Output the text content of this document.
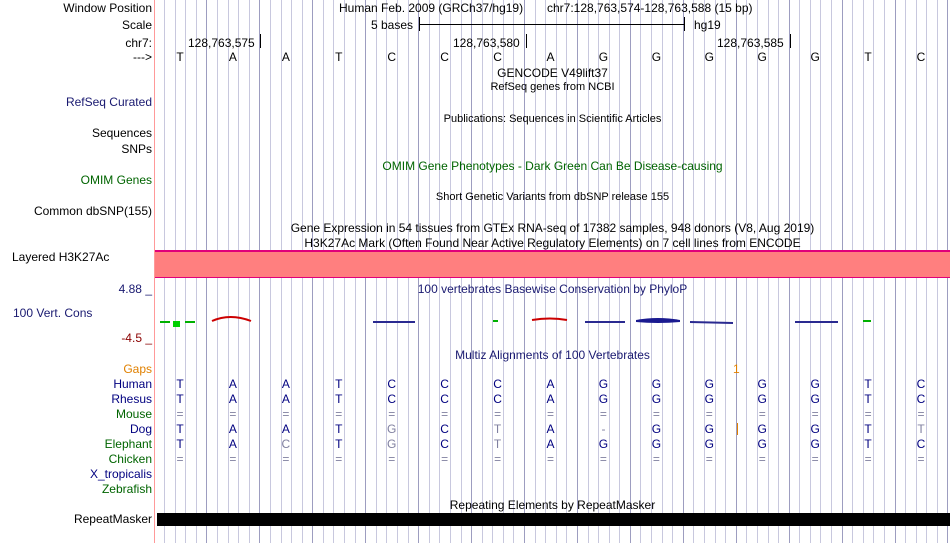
Window Position	Human Feb. 2009 (GRCh37/hg19) chr7:128,763,574-128,763,588 (15 bp)
Scale	5 bases	hg19
chr7:	128,763,575	128,763,580	128,763,585
--->	T	A	A	T	C	C	C	A	G	G	G	G	G	T	C
GENCODE V49lift37
RefSeq genes from NCBI
RefSeq Curated
Publications: Sequences in Scientific Articles
Sequences
SNPs
OMIM Gene Phenotypes - Dark Green Can Be Disease-causing
OMIM Genes
Short Genetic Variants from dbSNP release 155
Common dbSNP(155)
Gene Expression in 54 tissues from GTEx RNA-seq of 17382 samples, 948 donors (V8, Aug 2019)
H3K27Ac Mark (Often Found Near Active Regulatory Elements) on 7 cell lines from ENCODE
Layered H3K27Ac
100 vertebrates Basewise Conservation by PhyloP
4.88 _
100 Vert. Cons
-4.5 _
Multiz Alignments of 100 Vertebrates
Gaps	1
Human	T	A	A	T	C	C	C	A	G	G	G	G	G	T	C
Rhesus	T	A	A	T	C	C	C	A	G	G	G	G	G	T	C
Mouse	=	=	=	=	=	=	=	=	=	=	=	=	=	=	=
Dog	T	A	A	T	G	C	T	A	-	G	G	G	G	T	T
Elephant	T	A	C	T	G	C	T	A	G	G	G	G	G	T	C
Chicken	=	=	=	=	=	=	=	=	=	=	=	=	=	=	=
X_tropicalis
Zebrafish
Repeating Elements by RepeatMasker
RepeatMasker
